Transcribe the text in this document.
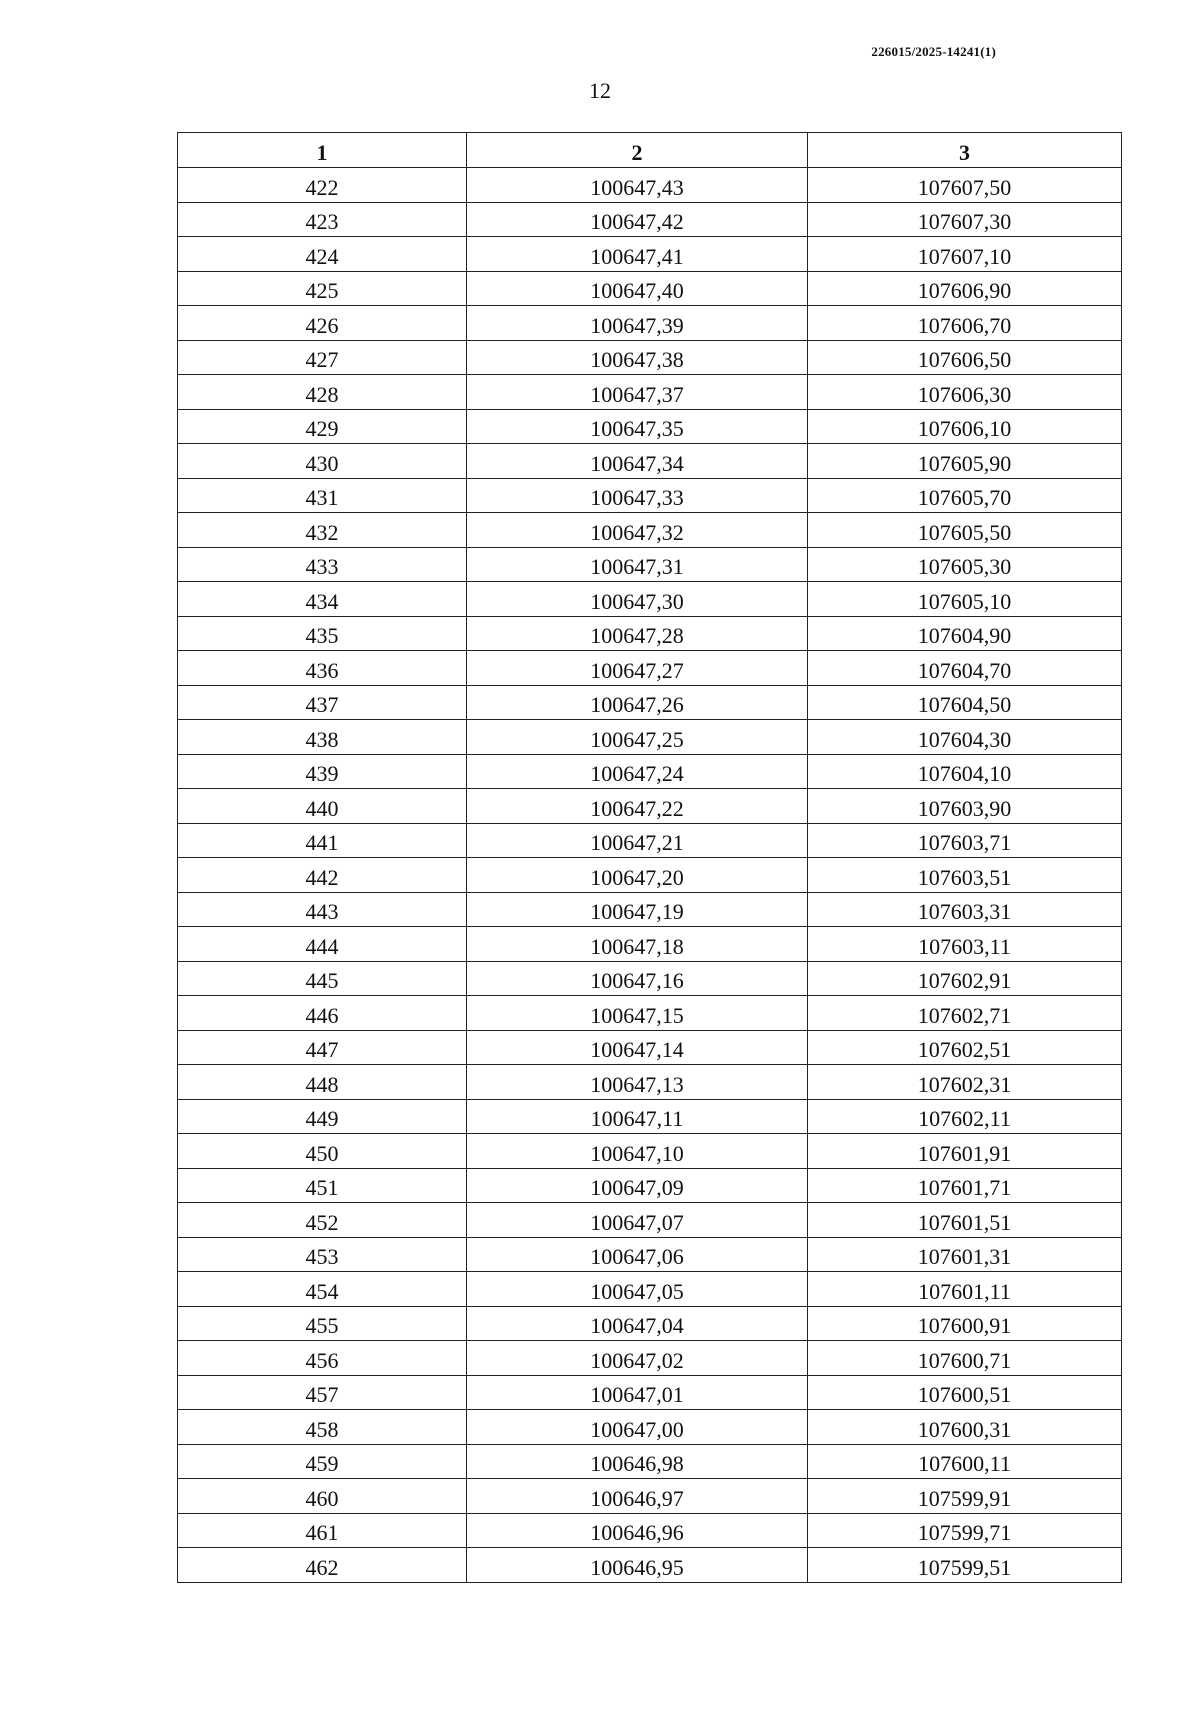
226015/2025-14241(1)
12
1	2	3
422	100647,43	107607,50
423	100647,42	107607,30
424	100647,41	107607,10
425	100647,40	107606,90
426	100647,39	107606,70
427	100647,38	107606,50
428	100647,37	107606,30
429	100647,35	107606,10
430	100647,34	107605,90
431	100647,33	107605,70
432	100647,32	107605,50
433	100647,31	107605,30
434	100647,30	107605,10
435	100647,28	107604,90
436	100647,27	107604,70
437	100647,26	107604,50
438	100647,25	107604,30
439	100647,24	107604,10
440	100647,22	107603,90
441	100647,21	107603,71
442	100647,20	107603,51
443	100647,19	107603,31
444	100647,18	107603,11
445	100647,16	107602,91
446	100647,15	107602,71
447	100647,14	107602,51
448	100647,13	107602,31
449	100647,11	107602,11
450	100647,10	107601,91
451	100647,09	107601,71
452	100647,07	107601,51
453	100647,06	107601,31
454	100647,05	107601,11
455	100647,04	107600,91
456	100647,02	107600,71
457	100647,01	107600,51
458	100647,00	107600,31
459	100646,98	107600,11
460	100646,97	107599,91
461	100646,96	107599,71
462	100646,95	107599,51
